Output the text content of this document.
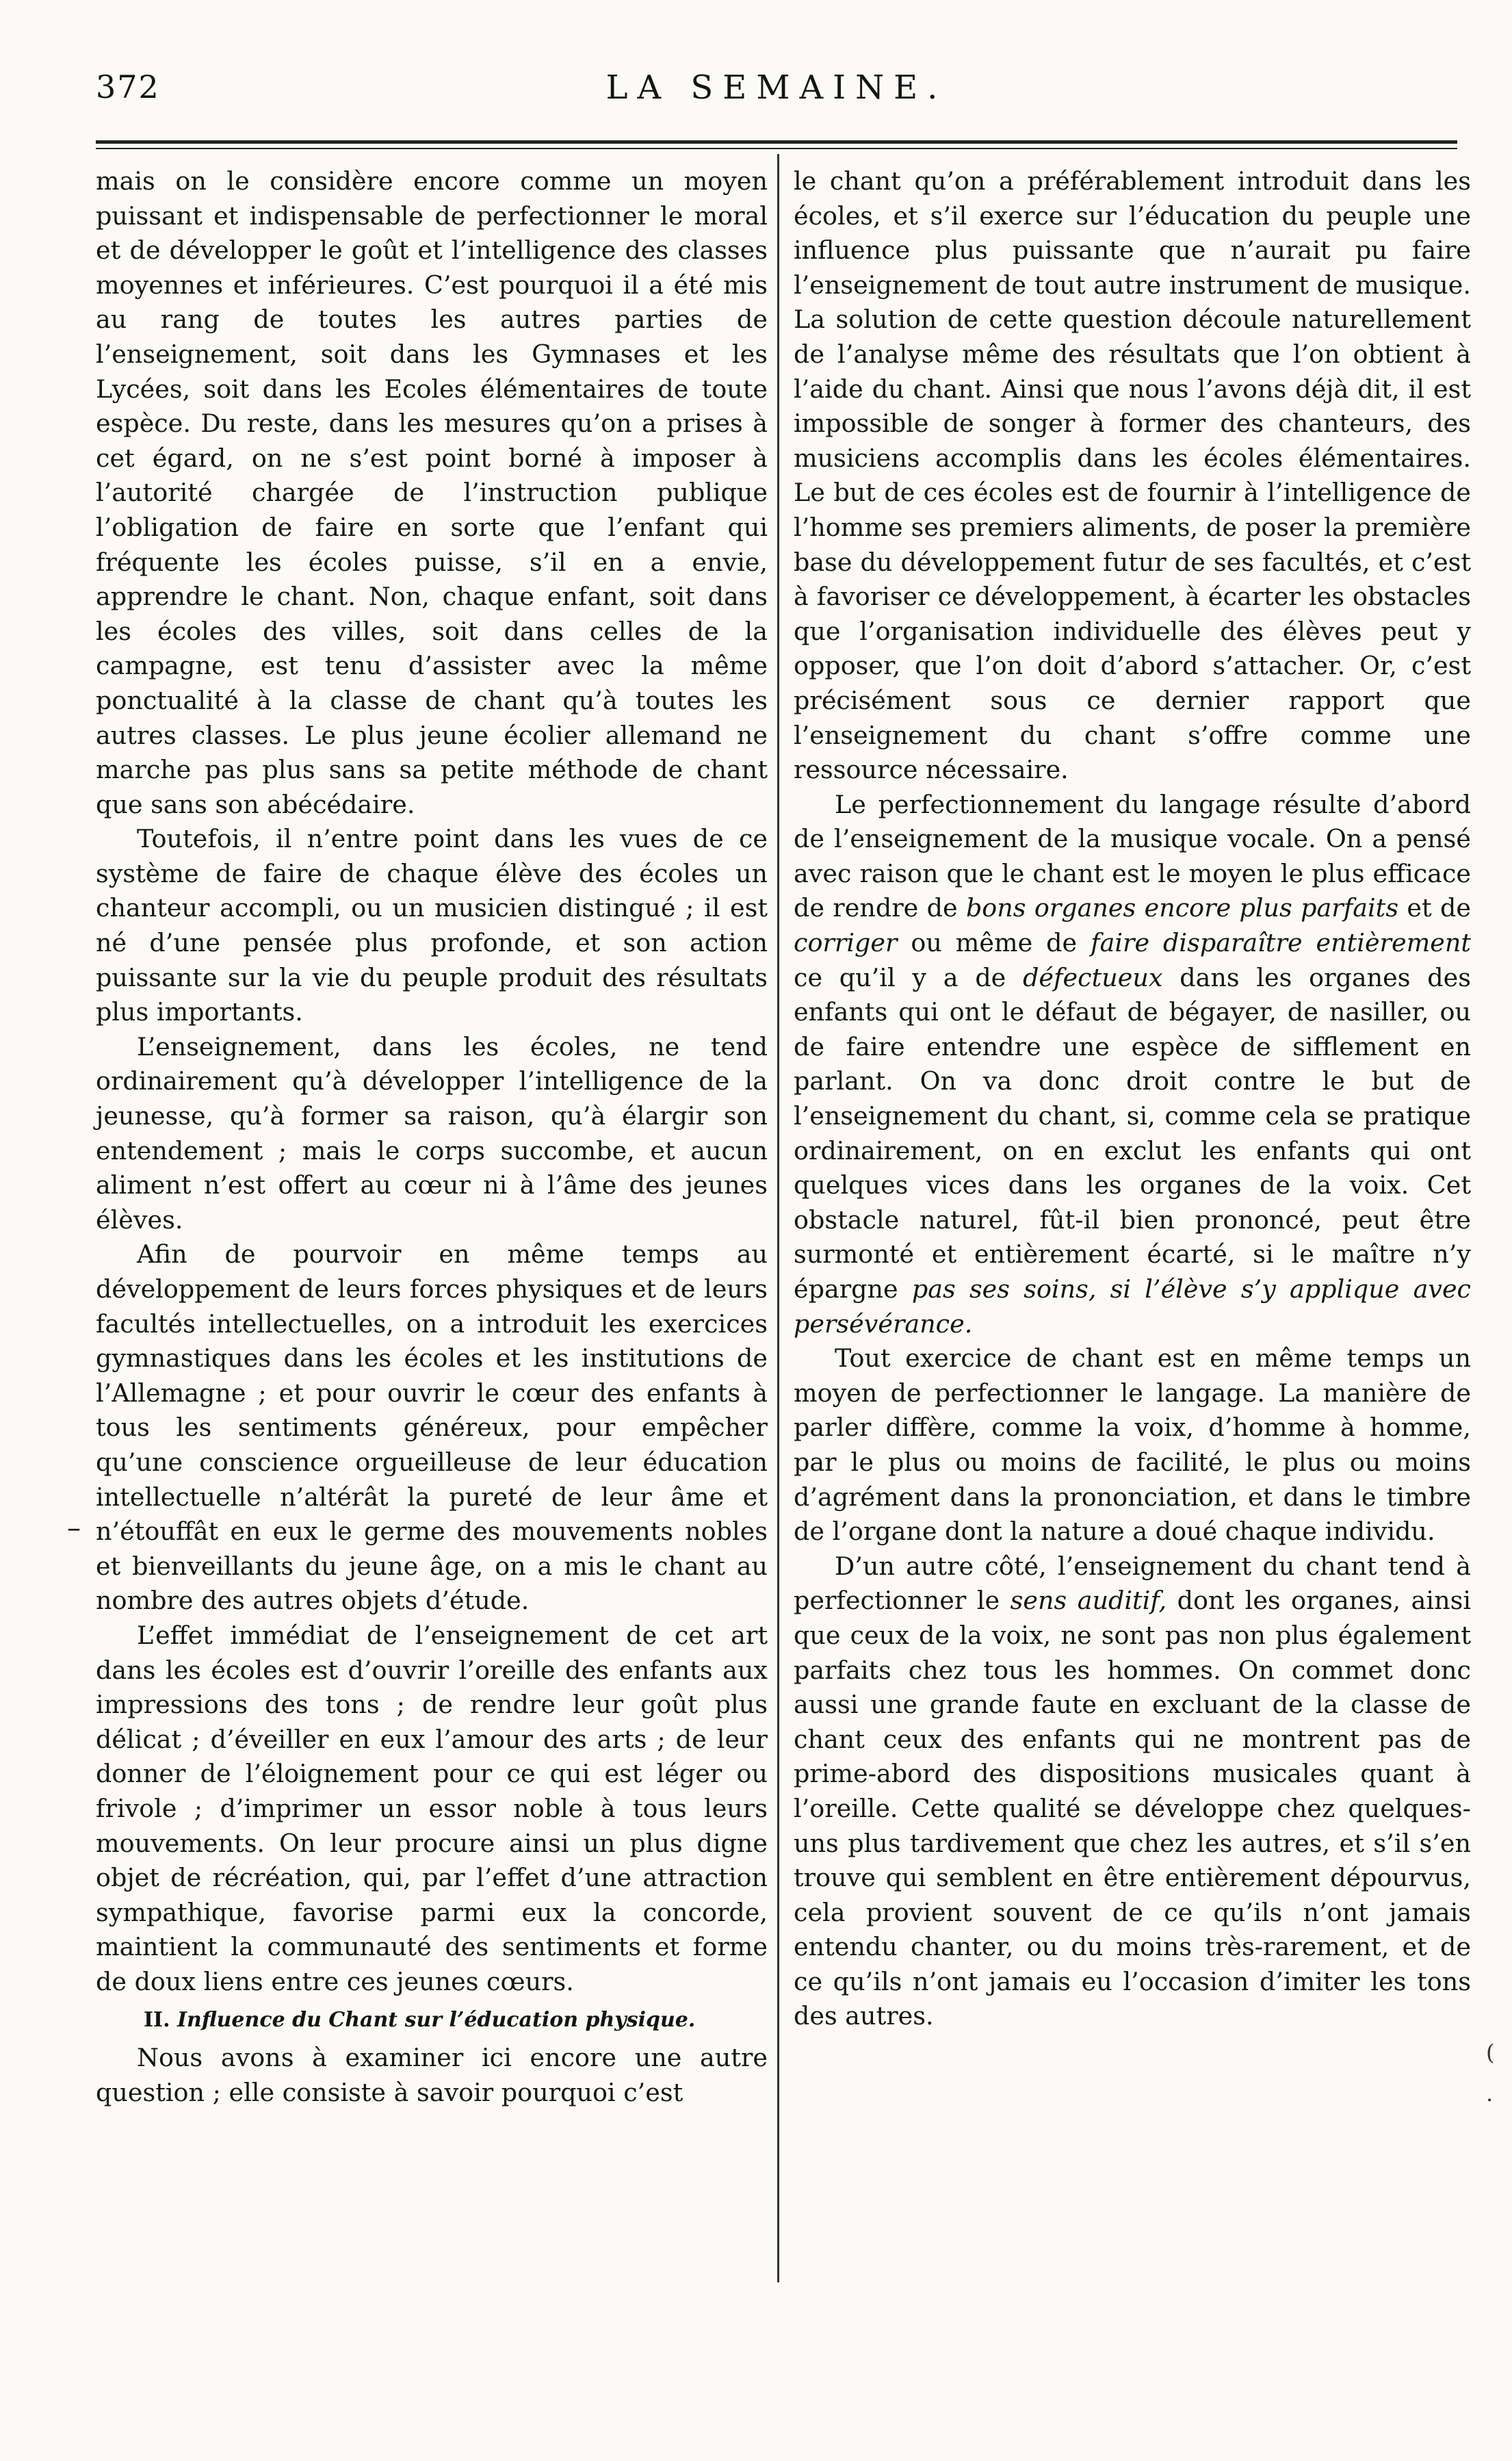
372	LA SEMAINE.
–
(
.

mais on le considère encore comme un moyen puissant et indispensable de perfectionner le moral et de développer le goût et l’intelligence des classes moyennes et inférieures. C’est pourquoi il a été mis au rang de toutes les autres parties de l’enseignement, soit dans les Gymnases et les Lycées, soit dans les Ecoles élémentaires de toute espèce. Du reste, dans les mesures qu’on a prises à cet égard, on ne s’est point borné à imposer à l’autorité chargée de l’instruction publique l’obligation de faire en sorte que l’enfant qui fréquente les écoles puisse, s’il en a envie, apprendre le chant. Non, chaque enfant, soit dans les écoles des villes, soit dans celles de la campagne, est tenu d’assister avec la même ponctualité à la classe de chant qu’à toutes les autres classes. Le plus jeune écolier allemand ne marche pas plus sans sa petite méthode de chant que sans son abécédaire.

Toutefois, il n’entre point dans les vues de ce système de faire de chaque élève des écoles un chanteur accompli, ou un musicien distingué ; il est né d’une pensée plus profonde, et son action puissante sur la vie du peuple produit des résultats plus importants.

L’enseignement, dans les écoles, ne tend ordinairement qu’à développer l’intelligence de la jeunesse, qu’à former sa raison, qu’à élargir son entendement ; mais le corps succombe, et aucun aliment n’est offert au cœur ni à l’âme des jeunes élèves.

Afin de pourvoir en même temps au développement de leurs forces physiques et de leurs facultés intellectuelles, on a introduit les exercices gymnastiques dans les écoles et les institutions de l’Allemagne ; et pour ouvrir le cœur des enfants à tous les sentiments généreux, pour empêcher qu’une conscience orgueilleuse de leur éducation intellectuelle n’altérât la pureté de leur âme et n’étouffât en eux le germe des mouvements nobles et bienveillants du jeune âge, on a mis le chant au nombre des autres objets d’étude.

L’effet immédiat de l’enseignement de cet art dans les écoles est d’ouvrir l’oreille des enfants aux impressions des tons ; de rendre leur goût plus délicat ; d’éveiller en eux l’amour des arts ; de leur donner de l’éloignement pour ce qui est léger ou frivole ; d’imprimer un essor noble à tous leurs mouvements. On leur procure ainsi un plus digne objet de récréation, qui, par l’effet d’une attraction sympathique, favorise parmi eux la concorde, maintient la communauté des sentiments et forme de doux liens entre ces jeunes cœurs.

II. Influence du Chant sur l’éducation physique.

Nous avons à examiner ici encore une autre question ; elle consiste à savoir pourquoi c’est

le chant qu’on a préférablement introduit dans les écoles, et s’il exerce sur l’éducation du peuple une influence plus puissante que n’aurait pu faire l’enseignement de tout autre instrument de musique. La solution de cette question découle naturellement de l’analyse même des résultats que l’on obtient à l’aide du chant. Ainsi que nous l’avons déjà dit, il est impossible de songer à former des chanteurs, des musiciens accomplis dans les écoles élémentaires. Le but de ces écoles est de fournir à l’intelligence de l’homme ses premiers aliments, de poser la première base du développement futur de ses facultés, et c’est à favoriser ce développement, à écarter les obstacles que l’organisation individuelle des élèves peut y opposer, que l’on doit d’abord s’attacher. Or, c’est précisément sous ce dernier rapport que l’enseignement du chant s’offre comme une ressource nécessaire.

Le perfectionnement du langage résulte d’abord de l’enseignement de la musique vocale. On a pensé avec raison que le chant est le moyen le plus efficace de rendre de bons organes encore plus parfaits et de corriger ou même de faire disparaître entièrement ce qu’il y a de défectueux dans les organes des enfants qui ont le défaut de bégayer, de nasiller, ou de faire entendre une espèce de sifflement en parlant. On va donc droit contre le but de l’enseignement du chant, si, comme cela se pratique ordinairement, on en exclut les enfants qui ont quelques vices dans les organes de la voix. Cet obstacle naturel, fût-il bien prononcé, peut être surmonté et entièrement écarté, si le maître n’y épargne pas ses soins, si l’élève s’y applique avec persévérance.

Tout exercice de chant est en même temps un moyen de perfectionner le langage. La manière de parler diffère, comme la voix, d’homme à homme, par le plus ou moins de facilité, le plus ou moins d’agrément dans la prononciation, et dans le timbre de l’organe dont la nature a doué chaque individu.

D’un autre côté, l’enseignement du chant tend à perfectionner le sens auditif, dont les organes, ainsi que ceux de la voix, ne sont pas non plus également parfaits chez tous les hommes. On commet donc aussi une grande faute en excluant de la classe de chant ceux des enfants qui ne montrent pas de prime-abord des dispositions musicales quant à l’oreille. Cette qualité se développe chez quelques-uns plus tardivement que chez les autres, et s’il s’en trouve qui semblent en être entièrement dépourvus, cela provient souvent de ce qu’ils n’ont jamais entendu chanter, ou du moins très-rarement, et de ce qu’ils n’ont jamais eu l’occasion d’imiter les tons des autres.
